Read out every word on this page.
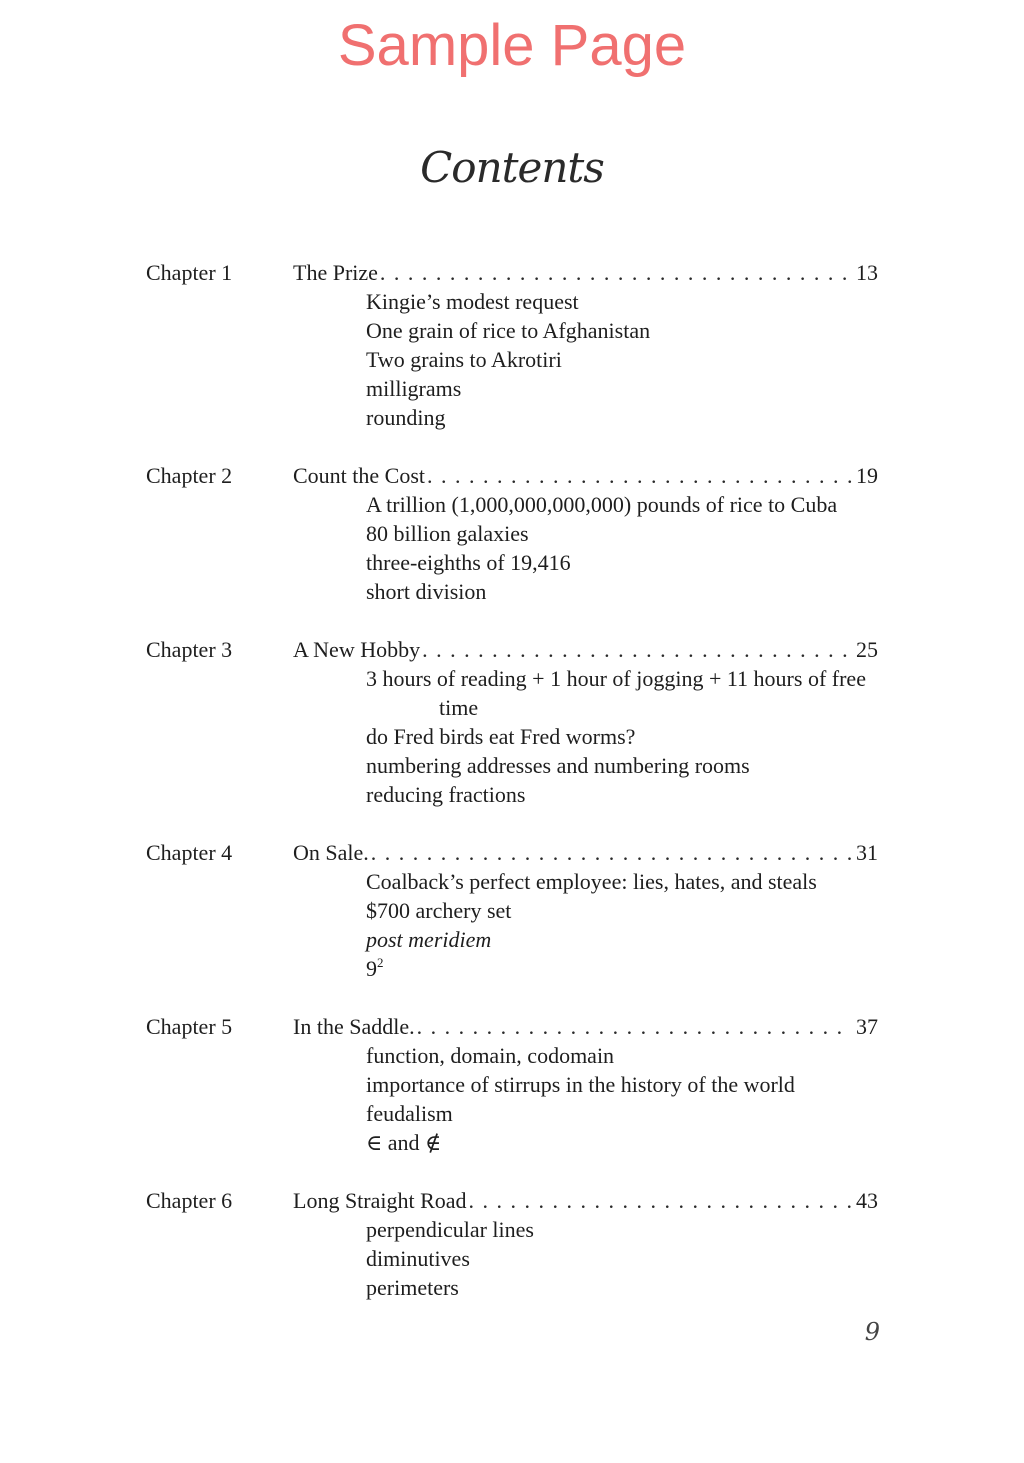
Sample Page
Contents
Chapter 1	The Prize . . .	13
Kingie’s modest request
One grain of rice to Afghanistan
Two grains to Akrotiri
milligrams
rounding
Chapter 2	Count the Cost . . .	19
A trillion (1,000,000,000,000) pounds of rice to Cuba
80 billion galaxies
three-eighths of 19,416
short division
Chapter 3	A New Hobby . . .	25
3 hours of reading + 1 hour of jogging + 11 hours of free time
do Fred birds eat Fred worms?
numbering addresses and numbering rooms
reducing fractions
Chapter 4	On Sale. . . .	31
Coalback’s perfect employee: lies, hates, and steals
$700 archery set
post meridiem
$9^2$
Chapter 5	In the Saddle. . . .	37
function, domain, codomain
importance of stirrups in the history of the world
feudalism
∈ and ∉
Chapter 6	Long Straight Road . . .	43
perpendicular lines
diminutives
perimeters
9
